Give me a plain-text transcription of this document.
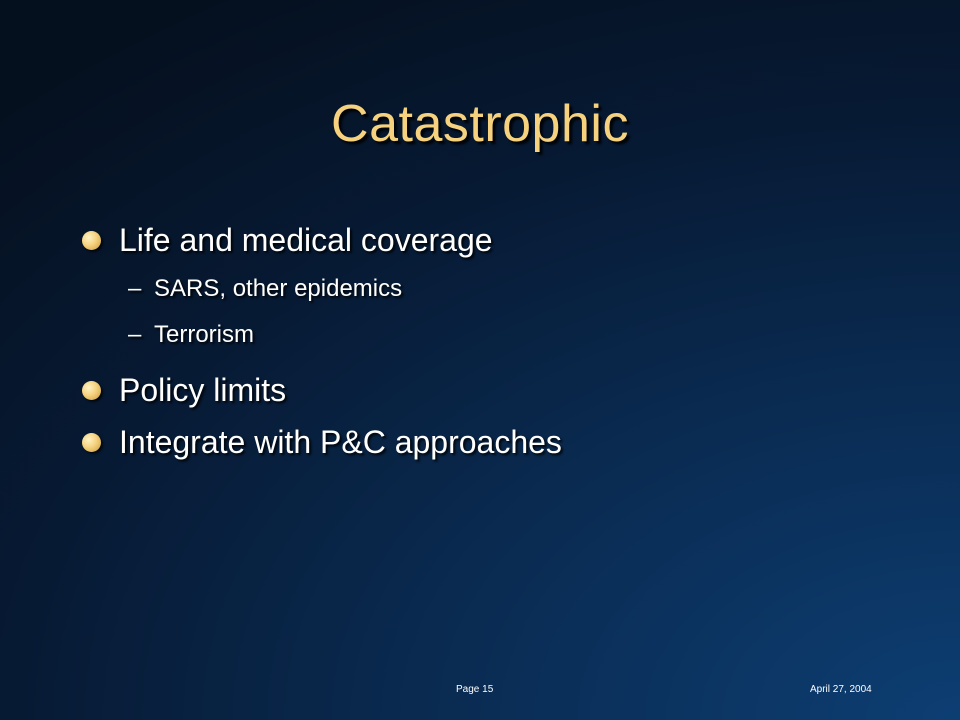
Catastrophic
Life and medical coverage
– SARS, other epidemics
– Terrorism
Policy limits
Integrate with P&C approaches
Page 15	April 27, 2004
